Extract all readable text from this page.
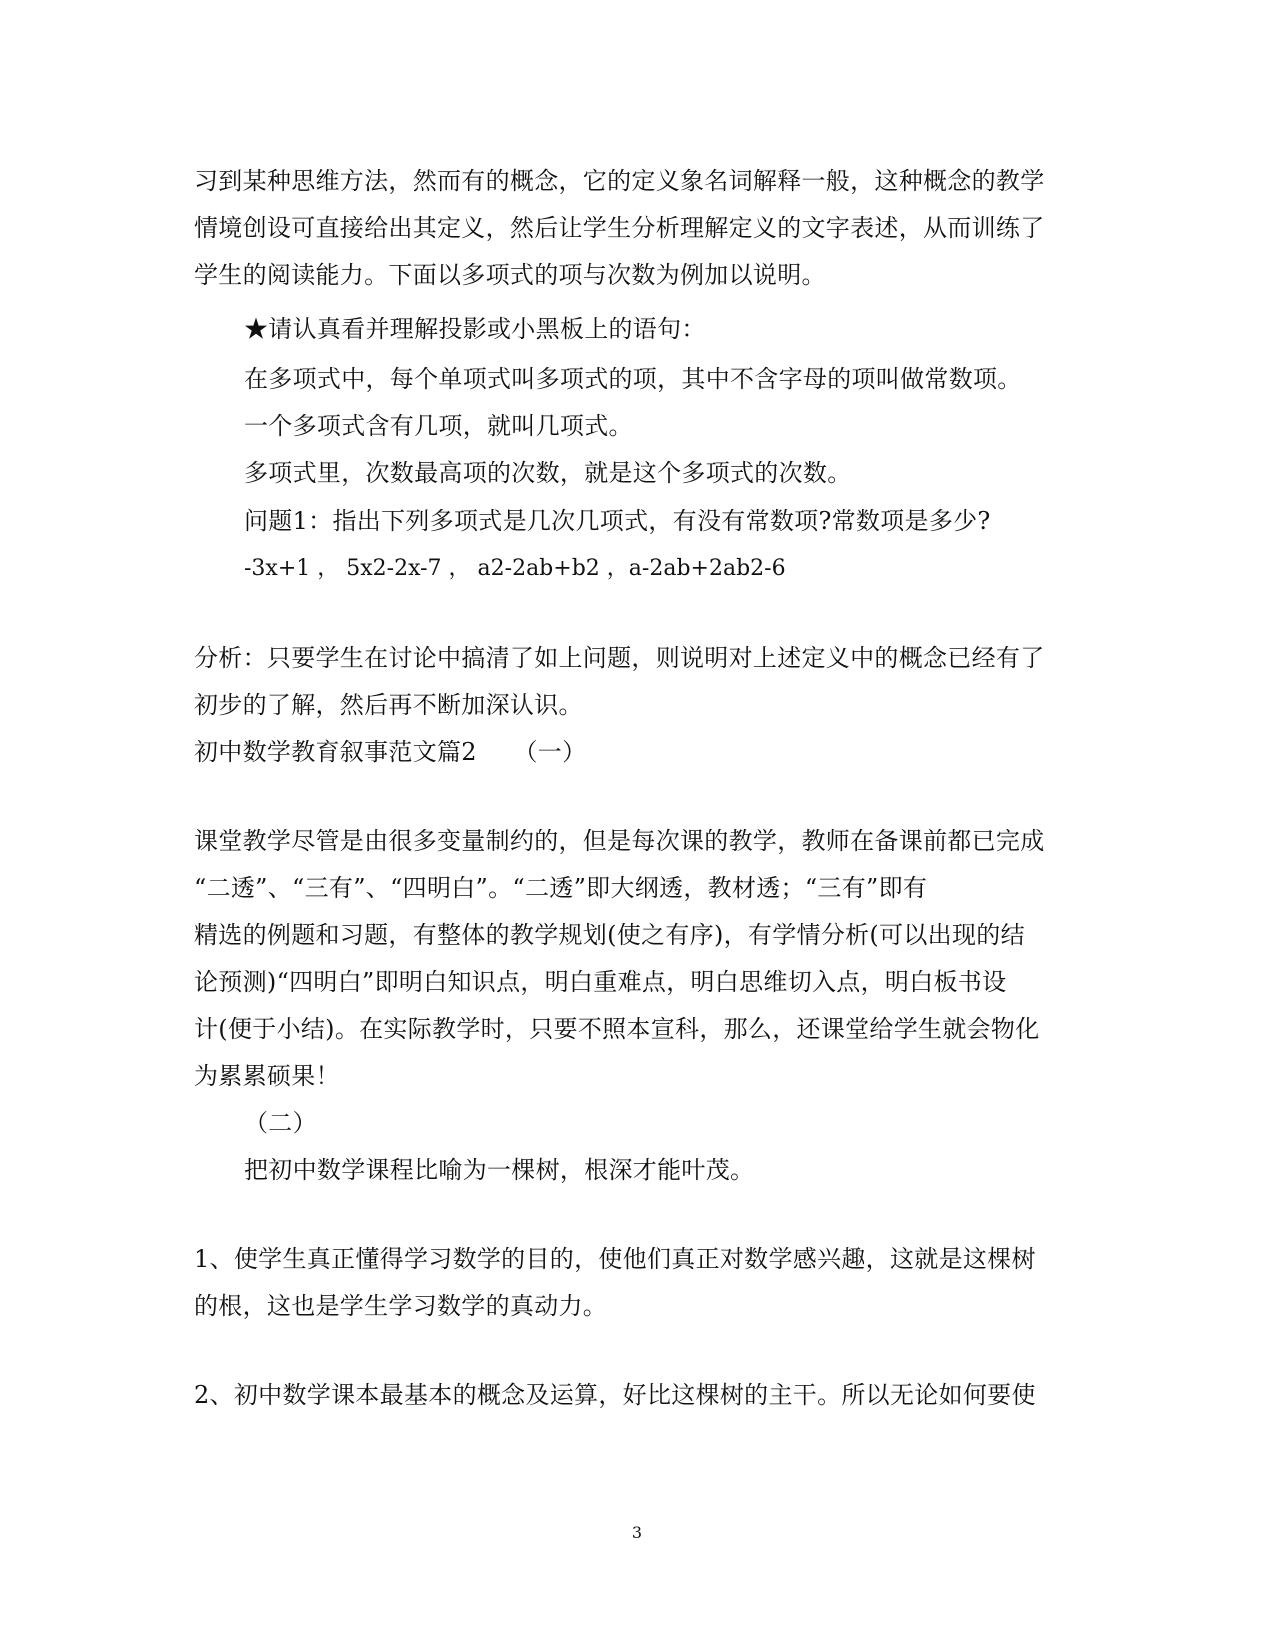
习到某种思维方法，然而有的概念，它的定义象名词解释一般，这种概念的教学
情境创设可直接给出其定义，然后让学生分析理解定义的文字表述，从而训练了
学生的阅读能力。下面以多项式的项与次数为例加以说明。
★请认真看并理解投影或小黑板上的语句：
在多项式中，每个单项式叫多项式的项，其中不含字母的项叫做常数项。
一个多项式含有几项，就叫几项式。
多项式里，次数最高项的次数，就是这个多项式的次数。
问题1：指出下列多项式是几次几项式，有没有常数项?常数项是多少?
-3x+1 ， 5x2-2x-7 ， a2-2ab+b2 ，a-2ab+2ab2-6
分析：只要学生在讨论中搞清了如上问题，则说明对上述定义中的概念已经有了
初步的了解，然后再不断加深认识。
初中数学教育叙事范文篇2　　（一）
课堂教学尽管是由很多变量制约的，但是每次课的教学，教师在备课前都已完成
“二透”、“三有”、“四明白”。“二透”即大纲透，教材透；“三有”即有
精选的例题和习题，有整体的教学规划(使之有序)，有学情分析(可以出现的结
论预测)“四明白”即明白知识点，明白重难点，明白思维切入点，明白板书设
计(便于小结)。在实际教学时，只要不照本宣科，那么，还课堂给学生就会物化
为累累硕果！
（二）
把初中数学课程比喻为一棵树，根深才能叶茂。
1、使学生真正懂得学习数学的目的，使他们真正对数学感兴趣，这就是这棵树
的根，这也是学生学习数学的真动力。
2、初中数学课本最基本的概念及运算，好比这棵树的主干。所以无论如何要使
3
